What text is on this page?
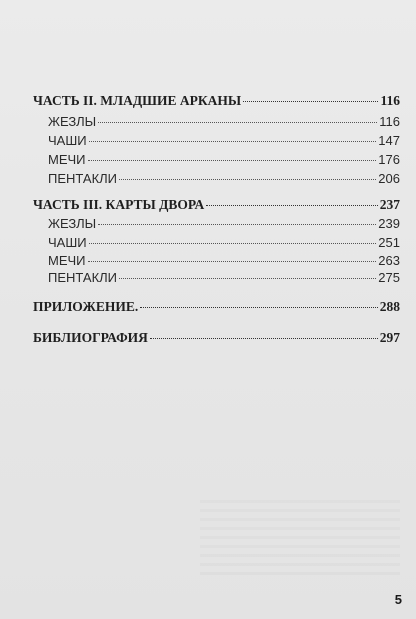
ЧАСТЬ II. МЛАДШИЕ АРКАНЫ	116
ЖЕЗЛЫ	116
ЧАШИ	147
МЕЧИ	176
ПЕНТАКЛИ	206
ЧАСТЬ III. КАРТЫ ДВОРА	237
ЖЕЗЛЫ	239
ЧАШИ	251
МЕЧИ	263
ПЕНТАКЛИ	275
ПРИЛОЖЕНИЕ.	288
БИБЛИОГРАФИЯ	297
5
